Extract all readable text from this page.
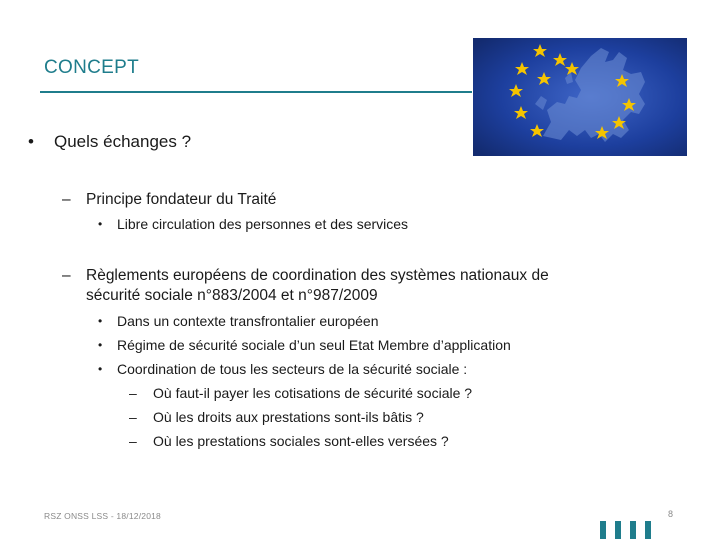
CONCEPT
• Quels échanges ?
– Principe fondateur du Traité
• Libre circulation des personnes et des services
– Règlements européens de coordination des systèmes nationaux de
sécurité sociale n°883/2004 et n°987/2009
• Dans un contexte transfrontalier européen
• Régime de sécurité sociale d’un seul Etat Membre d’application
• Coordination de tous les secteurs de la sécurité sociale :
– Où faut-il payer les cotisations de sécurité sociale ?
– Où les droits aux prestations sont-ils bâtis ?
– Où les prestations sociales sont-elles versées ?
RSZ ONSS LSS - 18/12/2018	8
